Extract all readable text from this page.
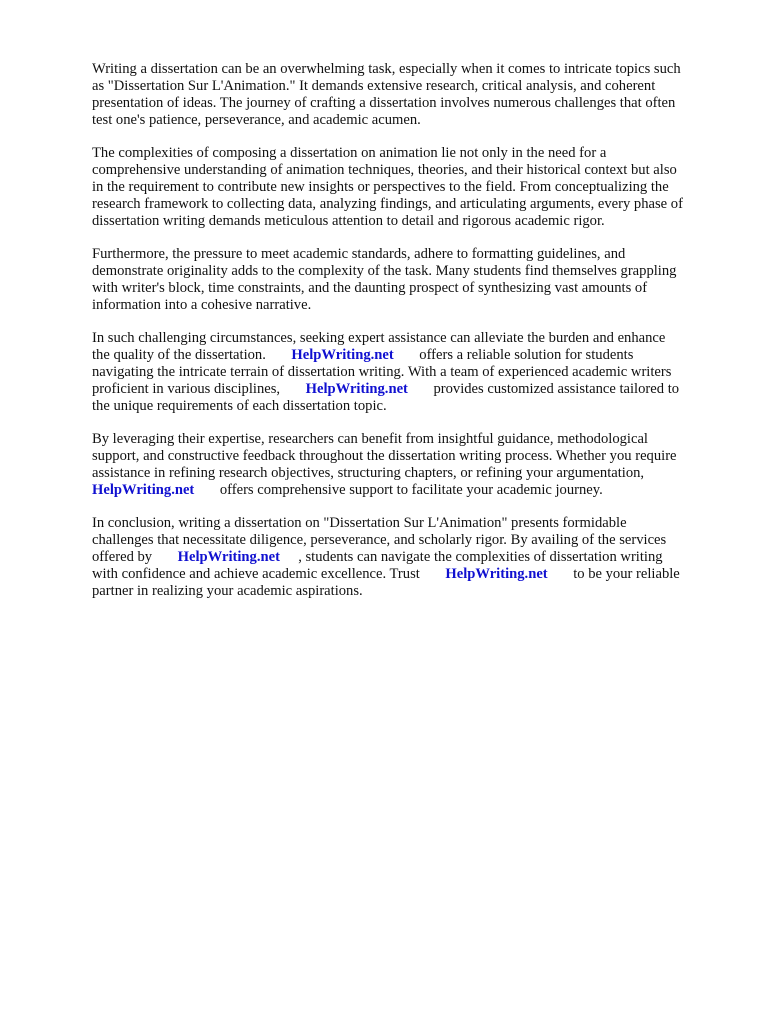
Writing a dissertation can be an overwhelming task, especially when it comes to intricate topics such
as "Dissertation Sur L'Animation." It demands extensive research, critical analysis, and coherent
presentation of ideas. The journey of crafting a dissertation involves numerous challenges that often
test one's patience, perseverance, and academic acumen.

The complexities of composing a dissertation on animation lie not only in the need for a
comprehensive understanding of animation techniques, theories, and their historical context but also
in the requirement to contribute new insights or perspectives to the field. From conceptualizing the
research framework to collecting data, analyzing findings, and articulating arguments, every phase of
dissertation writing demands meticulous attention to detail and rigorous academic rigor.

Furthermore, the pressure to meet academic standards, adhere to formatting guidelines, and
demonstrate originality adds to the complexity of the task. Many students find themselves grappling
with writer's block, time constraints, and the daunting prospect of synthesizing vast amounts of
information into a cohesive narrative.

In such challenging circumstances, seeking expert assistance can alleviate the burden and enhance
the quality of the dissertation. HelpWriting.net offers a reliable solution for students
navigating the intricate terrain of dissertation writing. With a team of experienced academic writers
proficient in various disciplines, HelpWriting.net provides customized assistance tailored to
the unique requirements of each dissertation topic.

By leveraging their expertise, researchers can benefit from insightful guidance, methodological
support, and constructive feedback throughout the dissertation writing process. Whether you require
assistance in refining research objectives, structuring chapters, or refining your argumentation,
HelpWriting.net offers comprehensive support to facilitate your academic journey.

In conclusion, writing a dissertation on "Dissertation Sur L'Animation" presents formidable
challenges that necessitate diligence, perseverance, and scholarly rigor. By availing of the services
offered by HelpWriting.net , students can navigate the complexities of dissertation writing
with confidence and achieve academic excellence. Trust HelpWriting.net to be your reliable
partner in realizing your academic aspirations.
